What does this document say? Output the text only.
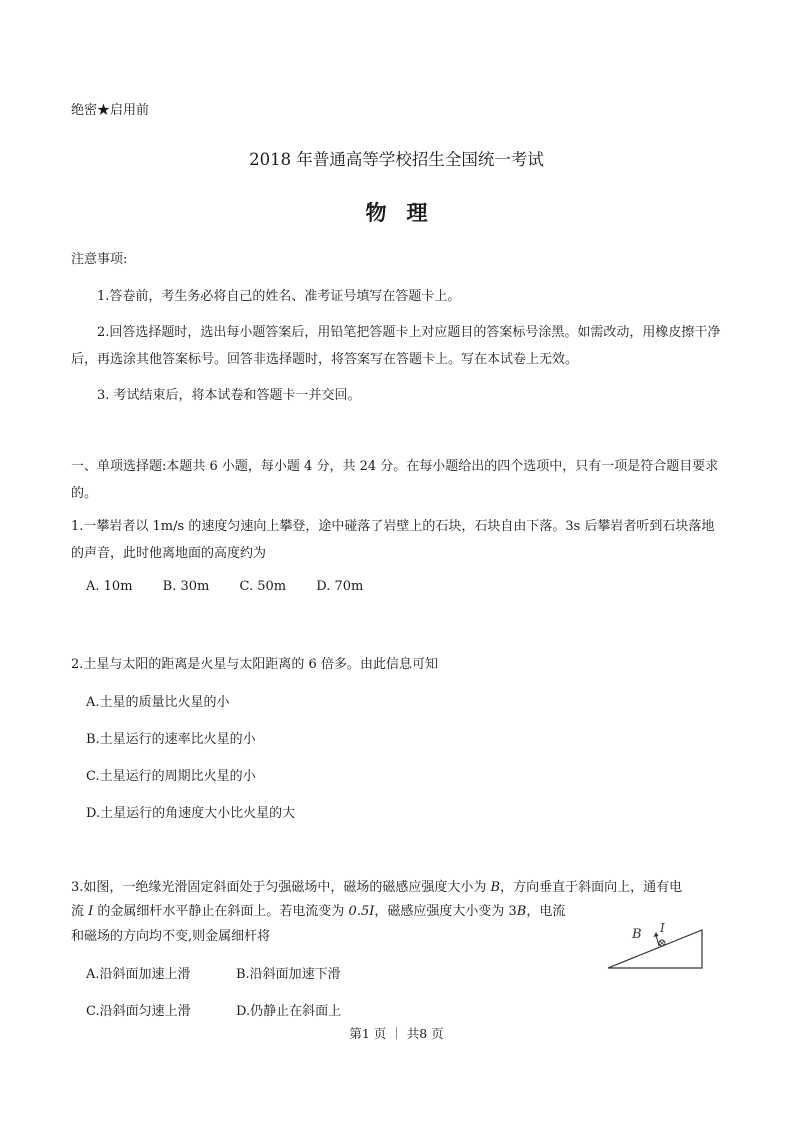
绝密★启用前
2018 年普通高等学校招生全国统一考试
物理
注意事项:
1.答卷前，考生务必将自己的姓名、准考证号填写在答题卡上。
2.回答选择题时，选出每小题答案后，用铅笔把答题卡上对应题目的答案标号涂黑。如需改动，用橡皮擦干净后，再选涂其他答案标号。回答非选择题时，将答案写在答题卡上。写在本试卷上无效。
3. 考试结束后，将本试卷和答题卡一并交回。
一、单项选择题:本题共 6 小题，每小题 4 分，共 24 分。在每小题给出的四个选项中，只有一项是符合题目要求的。
1.一攀岩者以 1m/s 的速度匀速向上攀登，途中碰落了岩壁上的石块，石块自由下落。3s 后攀岩者听到石块落地的声音，此时他离地面的高度约为
A. 10m B. 30m C. 50m D. 70m
2.土星与太阳的距离是火星与太阳距离的 6 倍多。由此信息可知
A.土星的质量比火星的小
B.土星运行的速率比火星的小
C.土星运行的周期比火星的小
D.土星运行的角速度大小比火星的大
3.如图，一绝缘光滑固定斜面处于匀强磁场中，磁场的磁感应强度大小为 B，方向垂直于斜面向上，通有电
流 I 的金属细杆水平静止在斜面上。若电流变为 0.5I，磁感应强度大小变为 3B，电流
和磁场的方向均不变,则金属细杆将	B I
A.沿斜面加速上滑	B.沿斜面加速下滑
C.沿斜面匀速上滑	D.仍静止在斜面上
第1 页 ｜ 共8 页
